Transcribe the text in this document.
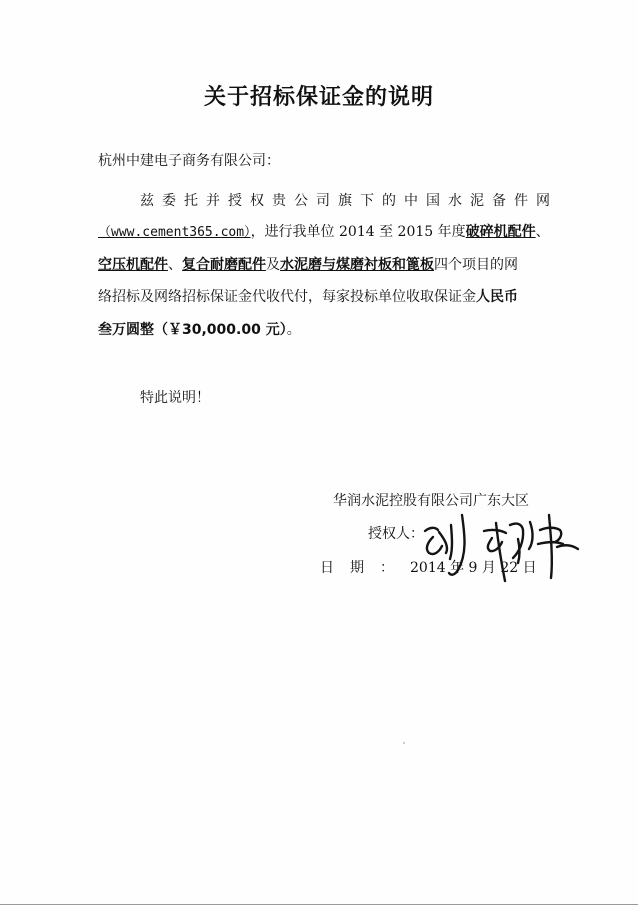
关于招标保证金的说明
杭州中建电子商务有限公司：
兹委托并授权贵公司旗下的中国水泥备件网
（www.cement365.com），进行我单位 2014 至 2015 年度破碎机配件、
空压机配件、复合耐磨配件及水泥磨与煤磨衬板和篦板四个项目的网
络招标及网络招标保证金代收代付，每家投标单位收取保证金人民币
叁万圆整（￥30,000.00 元）。
特此说明！
华润水泥控股有限公司广东大区
授权人：
日期：2014 年 9 月 22 日
